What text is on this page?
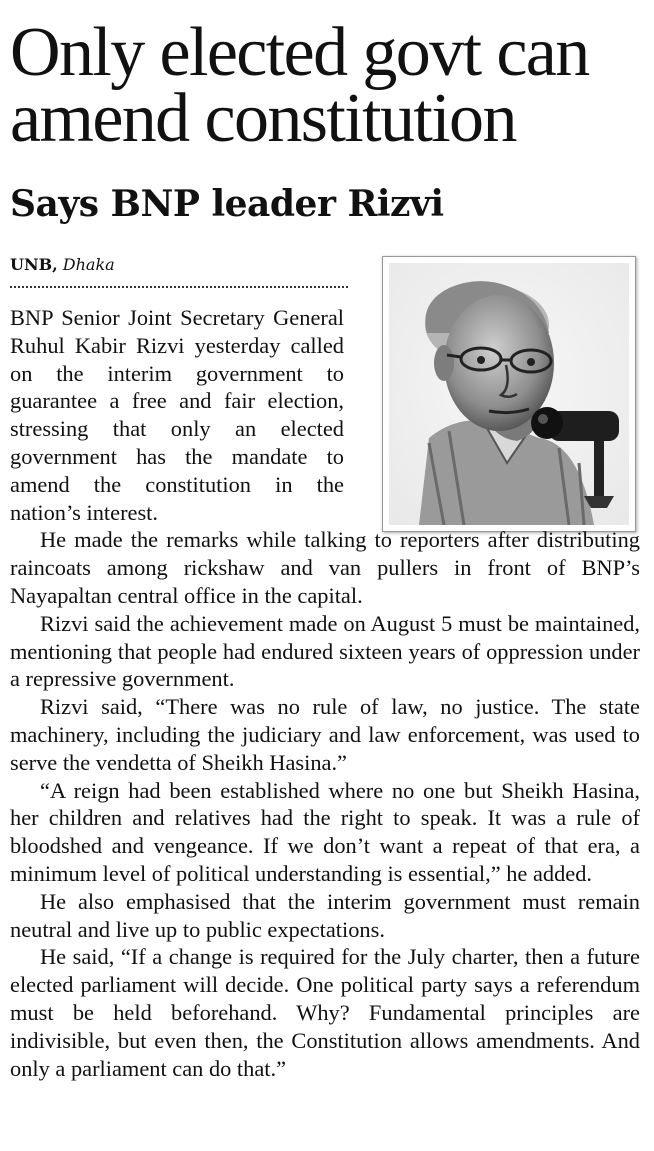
Only elected govt can amend constitution
Says BNP leader Rizvi
UNB, Dhaka

BNP Senior Joint Secretary General Ruhul Kabir Rizvi yesterday called on the interim government to guarantee a free and fair election, stressing that only an elected government has the mandate to amend the constitution in the nation’s interest.

He made the remarks while talking to reporters after distributing raincoats among rickshaw and van pullers in front of BNP’s Nayapaltan central office in the capital.

Rizvi said the achievement made on August 5 must be maintained, mentioning that people had endured sixteen years of oppression under a repressive government.

Rizvi said, “There was no rule of law, no justice. The state machinery, including the judiciary and law enforcement, was used to serve the vendetta of Sheikh Hasina.”

“A reign had been established where no one but Sheikh Hasina, her children and relatives had the right to speak. It was a rule of bloodshed and vengeance. If we don’t want a repeat of that era, a minimum level of political understanding is essential,” he added.

He also emphasised that the interim government must remain neutral and live up to public expectations.

He said, “If a change is required for the July charter, then a future elected parliament will decide. One political party says a referendum must be held beforehand. Why? Fundamental principles are indivisible, but even then, the Constitution allows amendments. And only a parliament can do that.”
